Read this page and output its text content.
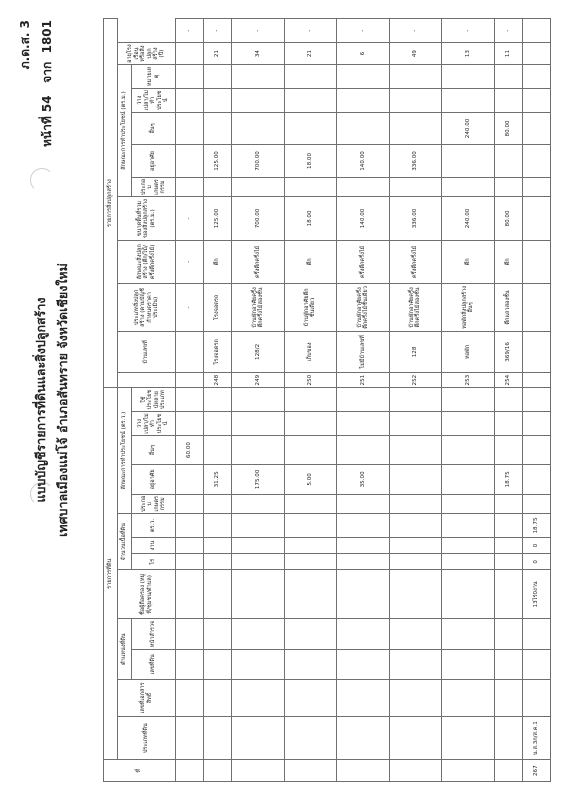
ภ.ด.ส. 3
หน้าที่ 54   จาก  1801
แบบบัญชีรายการที่ดินและสิ่งปลูกสร้าง เทศบาลเมืองแม่โจ้ อำเภอสันทราย จังหวัดเชียงใหม่
ที่	รายการที่ดิน													รายการสิ่งปลูกสร้าง											
	ประเภทที่ดิน	เลขที่เอกสารสิทธิ์	ตำแหน่งที่ดิน		ชื่อผู้ถือครอง (หมู่ที่/ชุมชน/ตำบล)	จำนวนเนื้อที่ดิน			ลักษณะการทำประโยชน์ (ตร.ว.)						บ้านเลขที่	ประเภทสิ่งปลูกสร้าง (ตามบัญชีกำหนดราคาประเมิน)	ลักษณะสิ่งปลูกสร้าง (ตึก/ไม้/ครึ่งตึกครึ่งไม้)	ขนาดพื้นที่รวมของสิ่งปลูกสร้าง (ตร.ม.)	ลักษณะการทำประโยชน์ (ตร.ม.)					อายุโรงเรือนหรือสิ่งปลูกสร้าง (ปี)	
			เลขที่ดิน	หน้าสำรวจ		ไร่	งาน	ตร.ว.	ประกอบเกษตรกรรม	อยู่อาศัย	อื่นๆ	ว่างเปล่า/ไม่ทำประโยชน์	ใช้ประโยชน์หลายประเภท						ประกอบเกษตรกรรม	อยู่อาศัย	อื่นๆ	ว่างเปล่า/ไม่ทำประโยชน์	หมายเหตุ		
											60.00					-	-	-							-
										31.25				248	โรงจอดรถ	โรงจอดรถ	ตึก	125.00		125.00				21	-
										175.00				249	128/2	บ้านพักอาศัยครึ่งตึกครึ่งไม้สองชั้น	ครึ่งตึกครึ่งไม้	700.00		700.00				34	-
										5.00				250	เก็บของ	บ้านพักอาศัยตึกชั้นเดียว	ตึก	18.00		18.00				21	-
										35.00				251	ไม่มีบ้านเลขที่	บ้านพักอาศัยครึ่งตึกครึ่งไม้ชั้นเดียว	ครึ่งตึกครึ่งไม้	140.00		140.00				6	-
														252	128	บ้านพักอาศัยครึ่งตึกครึ่งไม้สองชั้น	ครึ่งตึกครึ่งไม้	336.00		336.00				49	-
														253	หอพัก	หอพักสิ่งปลูกสร้างอื่นๆ	ตึก	240.00			240.00			13	-
										18.75				254	369/16	ตึกแถวสองชั้น	ตึก	80.00			80.00			11	-
267	น.ส.3ก/ส.ค.1				13ไร่0งาน	0	0	18.75																	
